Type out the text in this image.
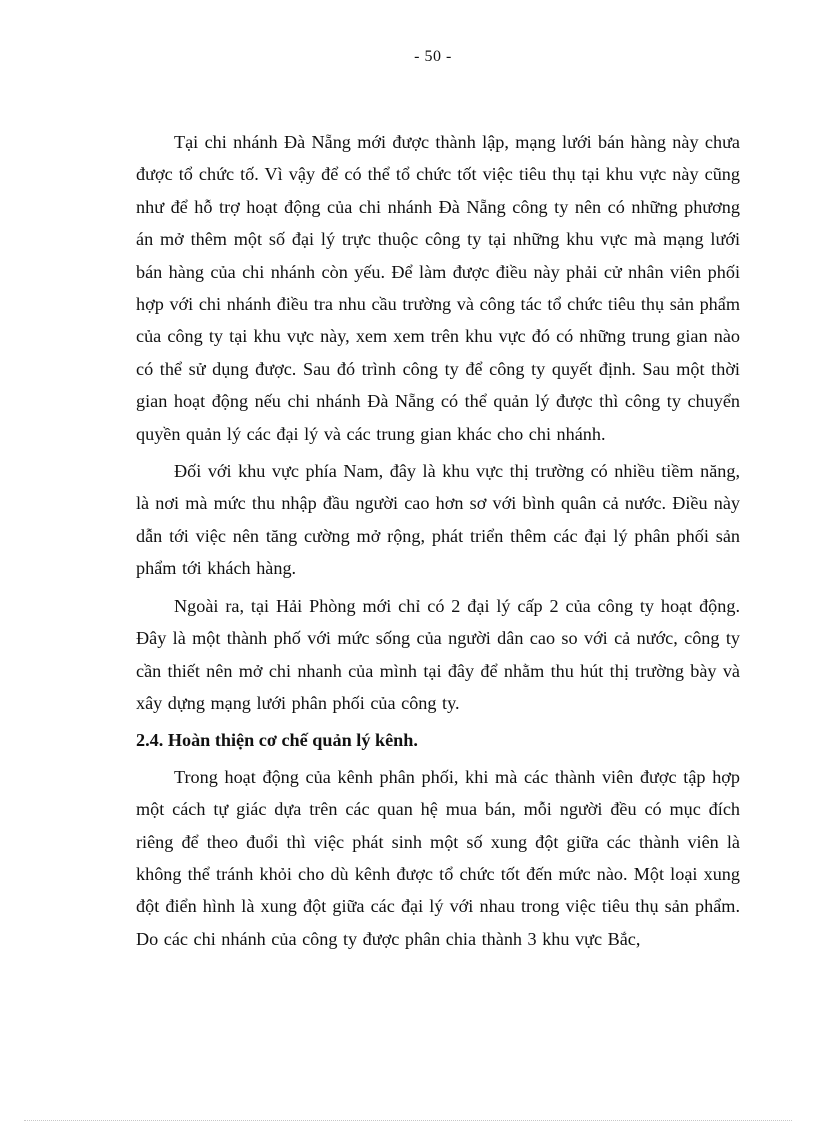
- 50 -

Tại chi nhánh Đà Nẵng mới được thành lập, mạng lưới bán hàng này chưa được tổ chức tố. Vì vậy để có thể tổ chức tốt việc tiêu thụ tại khu vực này cũng như để hỗ trợ hoạt động của chi nhánh Đà Nẵng công ty nên có những phương án mở thêm một số đại lý trực thuộc công ty tại những khu vực mà mạng lưới bán hàng của chi nhánh còn yếu. Để làm được điều này phải cử nhân viên phối hợp với chi nhánh điều tra nhu cầu trường và công tác tổ chức tiêu thụ sản phẩm của công ty tại khu vực này, xem xem trên khu vực đó có những trung gian nào có thể sử dụng được. Sau đó trình công ty để công ty quyết định. Sau một thời gian hoạt động nếu chi nhánh Đà Nẵng có thể quản lý được thì công ty chuyển quyền quản lý các đại lý và các trung gian khác cho chi nhánh.

Đối với khu vực phía Nam, đây là khu vực thị trường có nhiều tiềm năng, là nơi mà mức thu nhập đầu người cao hơn sơ với bình quân cả nước. Điều này dẫn tới việc nên tăng cường mở rộng, phát triển thêm các đại lý phân phối sản phẩm tới khách hàng.

Ngoài ra, tại Hải Phòng mới chỉ có 2 đại lý cấp 2 của công ty hoạt động. Đây là một thành phố với mức sống của người dân cao so với cả nước, công ty cần thiết nên mở chi nhanh của mình tại đây để nhằm thu hút thị trường bày và xây dựng mạng lưới phân phối của công ty.

2.4. Hoàn thiện cơ chế quản lý kênh.

Trong hoạt động của kênh phân phối, khi mà các thành viên được tập hợp một cách tự giác dựa trên các quan hệ mua bán, mỗi người đều có mục đích riêng để theo đuổi thì việc phát sinh một số xung đột giữa các thành viên là không thể tránh khỏi cho dù kênh được tổ chức tốt đến mức nào. Một loại xung đột điển hình là xung đột giữa các đại lý với nhau trong việc tiêu thụ sản phẩm. Do các chi nhánh của công ty được phân chia thành 3 khu vực Bắc,
